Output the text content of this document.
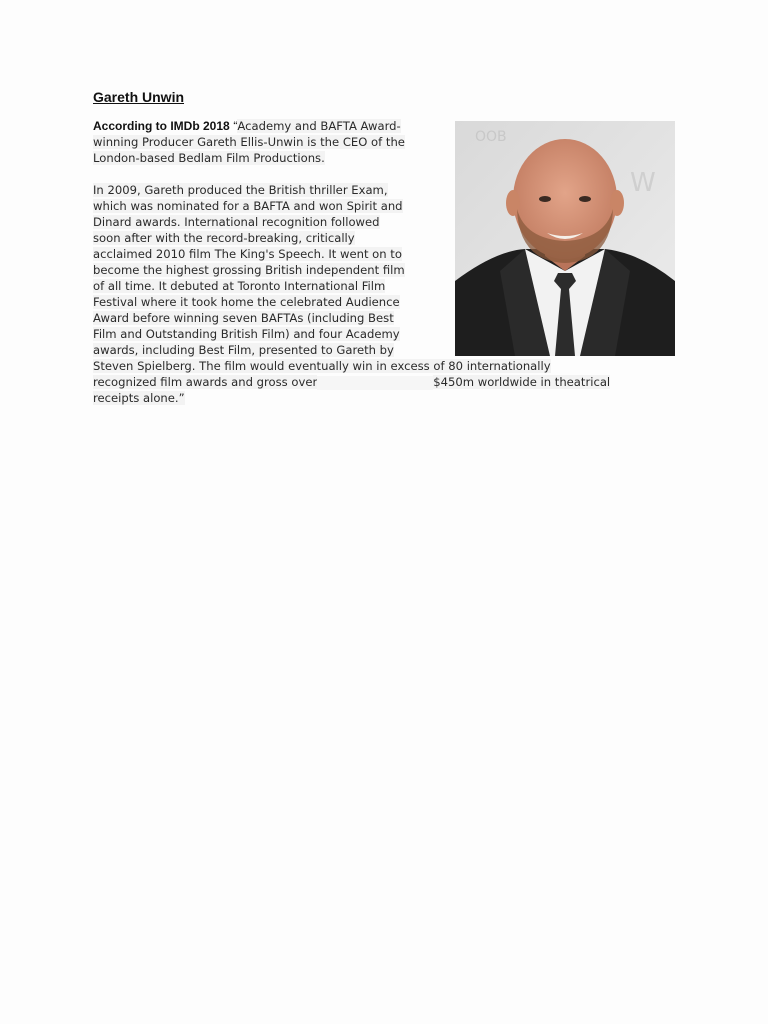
Gareth Unwin
OOB
W
According to IMDb 2018 “Academy and BAFTA Award-
winning Producer Gareth Ellis-Unwin is the CEO of the
London-based Bedlam Film Productions.
In 2009, Gareth produced the British thriller Exam,
which was nominated for a BAFTA and won Spirit and
Dinard awards. International recognition followed
soon after with the record-breaking, critically
acclaimed 2010 film The King's Speech. It went on to
become the highest grossing British independent film
of all time. It debuted at Toronto International Film
Festival where it took home the celebrated Audience
Award before winning seven BAFTAs (including Best
Film and Outstanding British Film) and four Academy
awards, including Best Film, presented to Gareth by
Steven Spielberg. The film would eventually win in excess of 80 internationally
recognized film awards and gross over	$450m worldwide in theatrical
receipts alone.”
